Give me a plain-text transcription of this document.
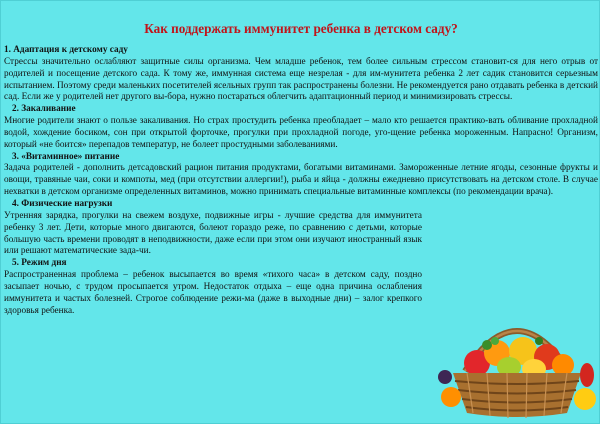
Как поддержать иммунитет ребенка в детском саду?

1. Адаптация к детскому саду

Стрессы значительно ослабляют защитные силы организма. Чем младше ребенок, тем более сильным стрессом становит-ся для него отрыв от родителей и посещение детского сада. К тому же, иммунная система еще незрелая - для им-мунитета ребенка 2 лет садик становится серьезным испытанием. Поэтому среди маленьких посетителей ясельных групп так распространены болезни. Не рекомендуется рано отдавать ребенка в детский сад. Если же у родителей нет другого вы-бора, нужно постараться облегчить адаптационный период и минимизировать стрессы.

2. Закаливание

Многие родители знают о пользе закаливания. Но страх простудить ребенка преобладает – мало кто решается практико-вать обливание прохладной водой, хождение босиком, сон при открытой форточке, прогулки при прохладной погоде, уго-щение ребенка мороженным. Напрасно! Организм, который «не боится» перепадов температур, не болеет простудными заболеваниями.

3. «Витаминное» питание

Задача родителей - дополнить детсадовский рацион питания продуктами, богатыми витаминами. Замороженные летние ягоды, сезонные фрукты и овощи, травяные чаи, соки и компоты, мед (при отсутствии аллергии!), рыба и яйца - должны ежедневно присутствовать на детском столе. В случае нехватки в детском организме определенных витаминов, можно принимать специальные витаминные комплексы (по рекомендации врача).

4. Физические нагрузки

Утренняя зарядка, прогулки на свежем воздухе, подвижные игры - лучшие средства для иммунитета ребенку 3 лет. Дети, которые много двигаются, болеют гораздо реже, по сравнению с детьми, которые большую часть времени проводят в неподвижности, даже если при этом они изучают иностранный язык или решают математические зада-чи.

5. Режим дня

Распространенная проблема – ребенок высыпается во время «тихого часа» в детском саду, поздно засыпает ночью, с трудом просыпается утром. Недостаток отдыха – еще одна причина ослабления иммунитета и частых болезней. Строгое соблюдение режи-ма (даже в выходные дни) – залог крепкого здоровья ребенка.
